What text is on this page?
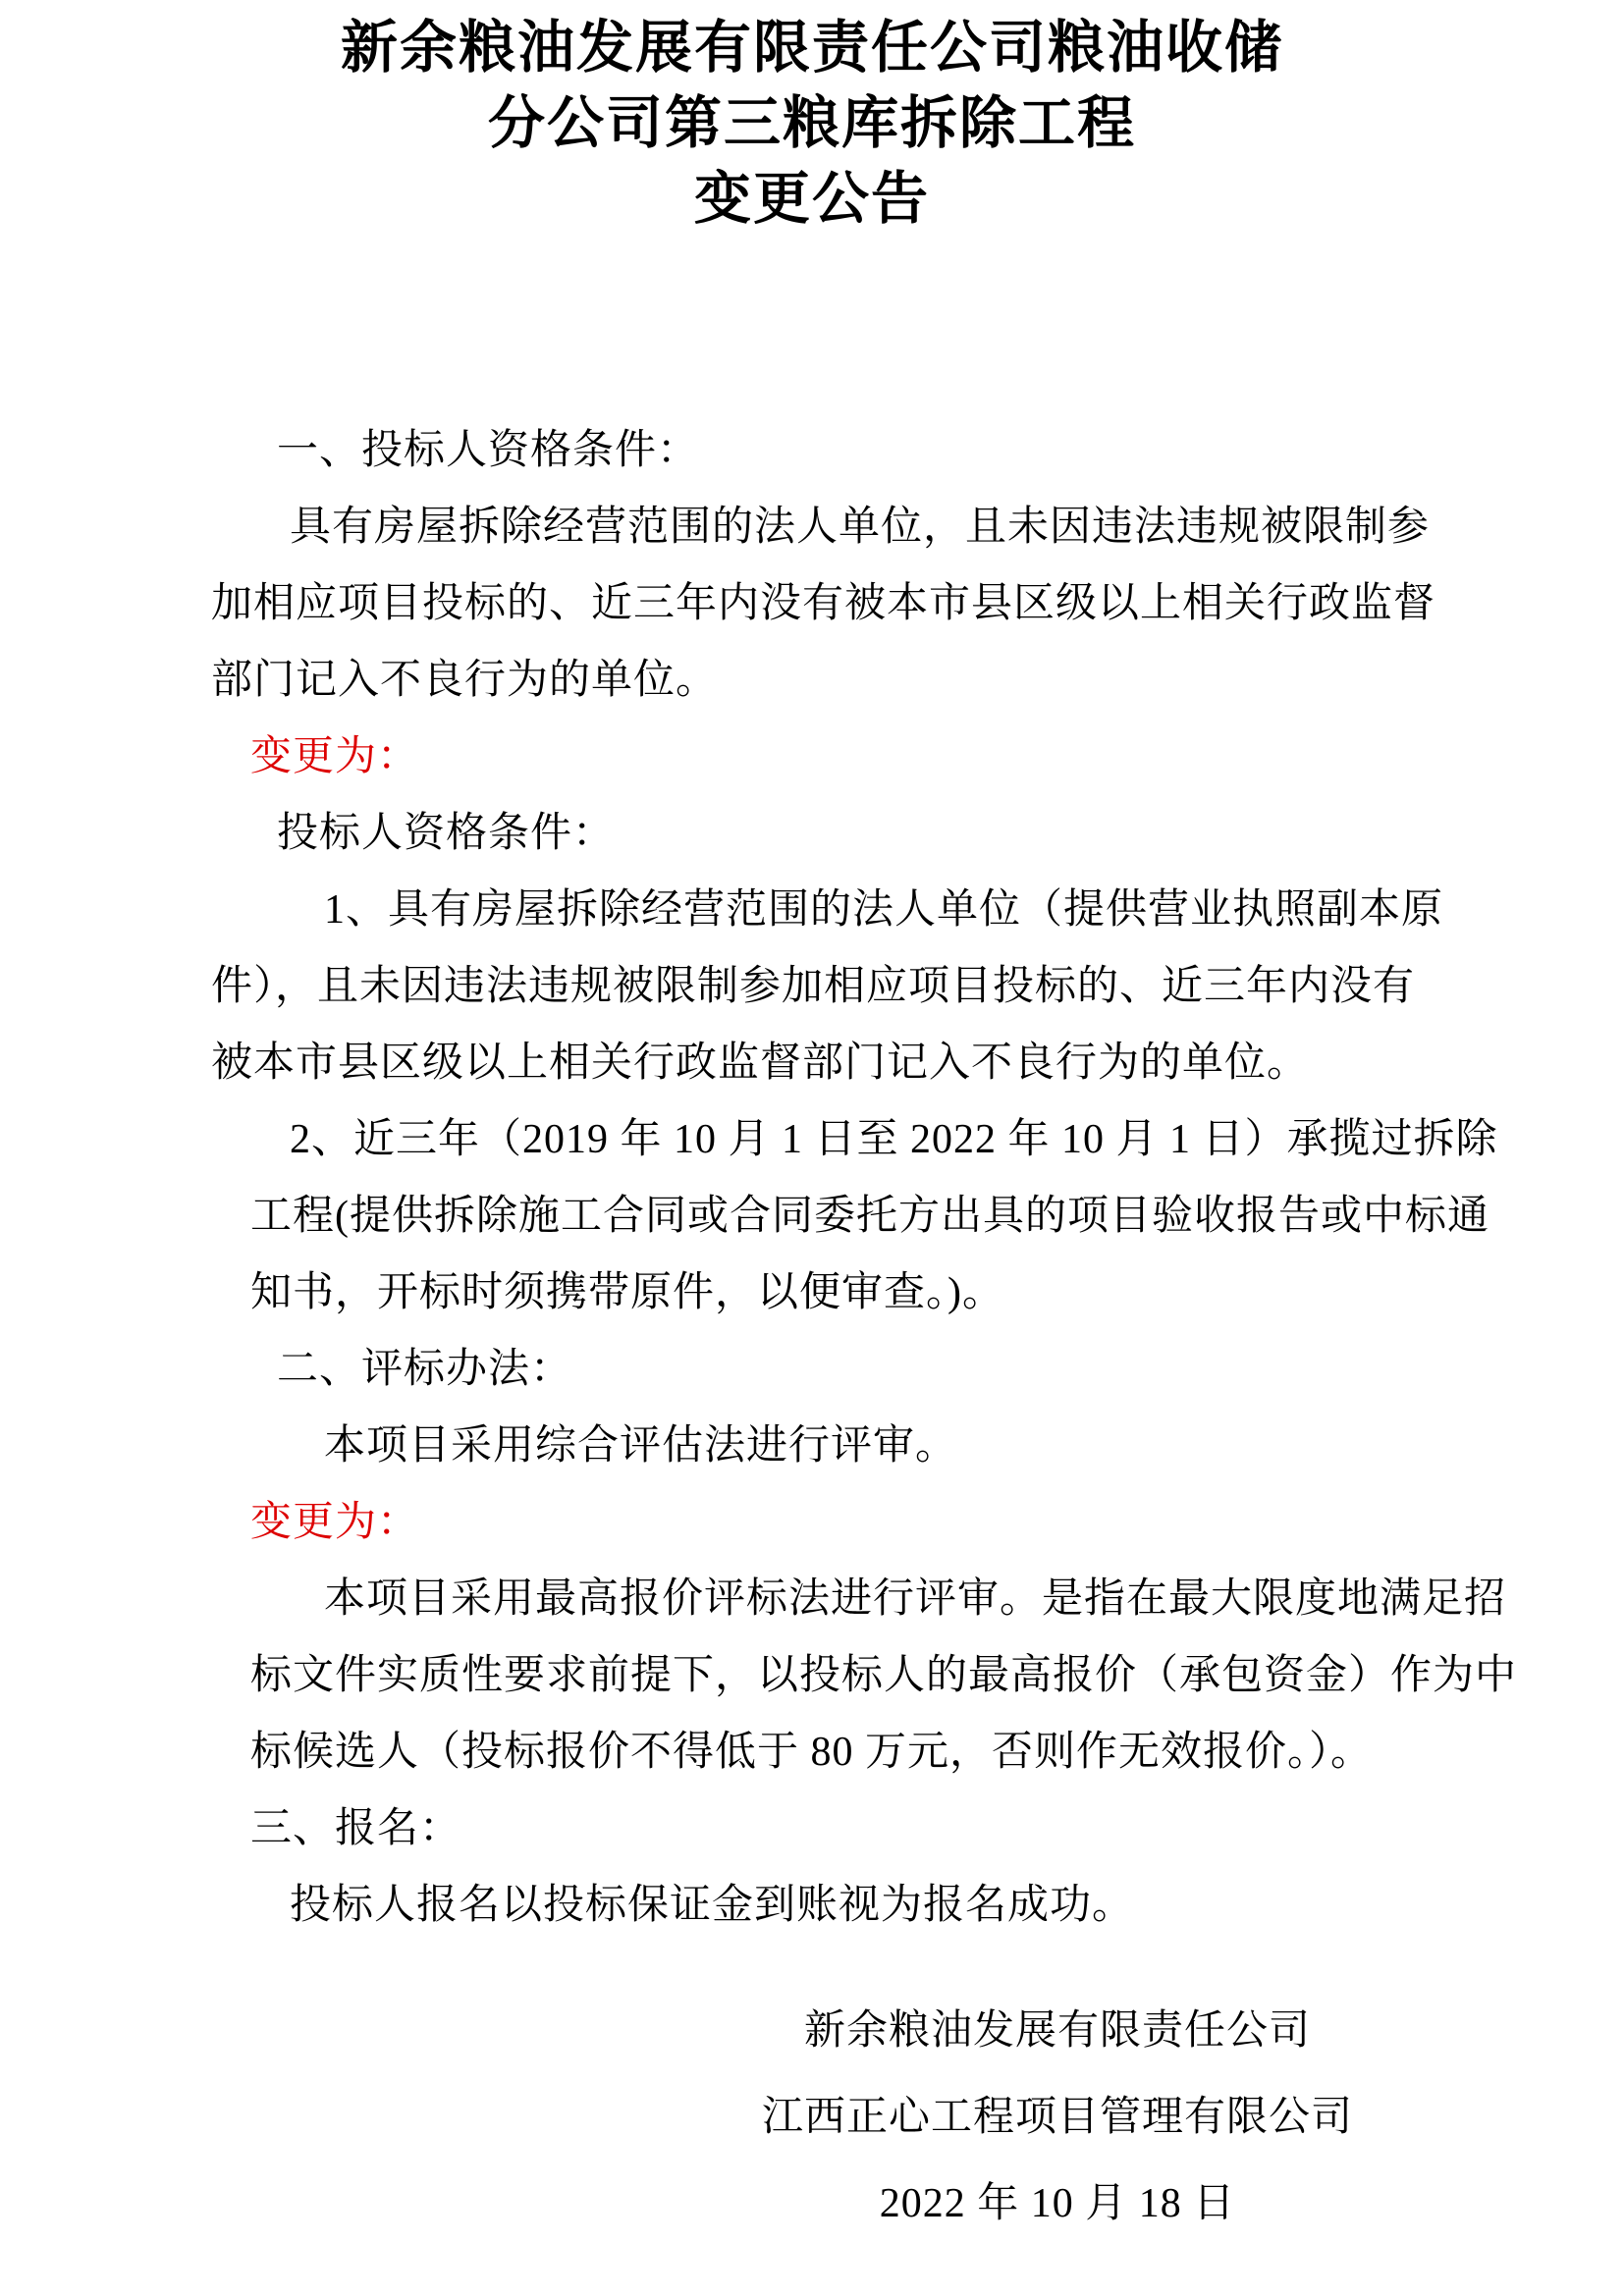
新余粮油发展有限责任公司粮油收储
分公司第三粮库拆除工程
变更公告
一、投标人资格条件：
具有房屋拆除经营范围的法人单位，且未因违法违规被限制参
加相应项目投标的、近三年内没有被本市县区级以上相关行政监督
部门记入不良行为的单位。
变更为：
投标人资格条件：
1、具有房屋拆除经营范围的法人单位（提供营业执照副本原
件），且未因违法违规被限制参加相应项目投标的、近三年内没有
被本市县区级以上相关行政监督部门记入不良行为的单位。
2、近三年（2019 年 10 月 1 日至 2022 年 10 月 1 日）承揽过拆除
工程(提供拆除施工合同或合同委托方出具的项目验收报告或中标通
知书，开标时须携带原件，以便审查。)。
二、评标办法：
本项目采用综合评估法进行评审。
变更为：
本项目采用最高报价评标法进行评审。是指在最大限度地满足招
标文件实质性要求前提下，以投标人的最高报价（承包资金）作为中
标候选人（投标报价不得低于 80 万元，否则作无效报价。）。
三、报名：
投标人报名以投标保证金到账视为报名成功。
新余粮油发展有限责任公司
江西正心工程项目管理有限公司
2022 年 10 月 18 日
